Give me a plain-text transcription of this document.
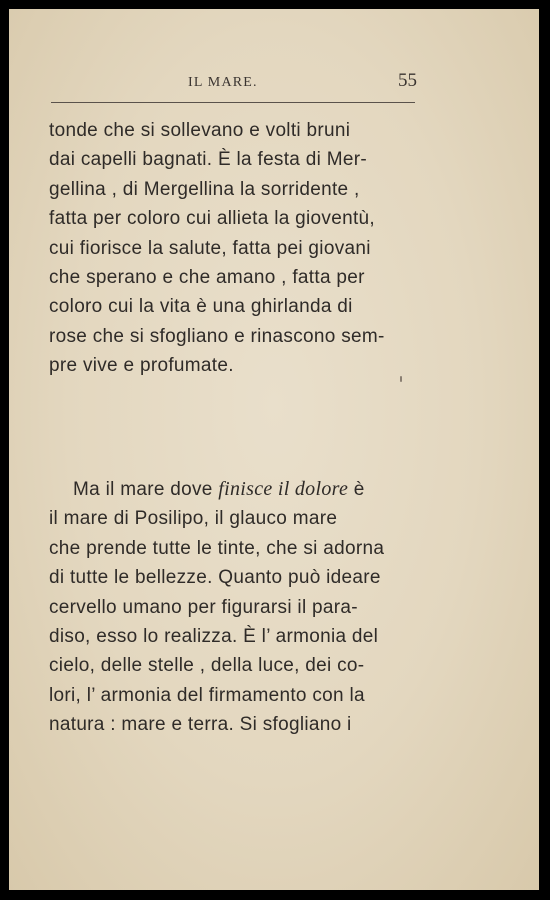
IL MARE.	55
tonde che si sollevano e volti bruni
dai capelli bagnati. È la festa di Mer-
gellina , di Mergellina la sorridente ,
fatta per coloro cui allieta la gioventù,
cui fiorisce la salute, fatta pei giovani
che sperano e che amano , fatta per
coloro cui la vita è una ghirlanda di
rose che si sfogliano e rinascono sem-
pre vive e profumate.
Ma il mare dove finisce il dolore è
il mare di Posilipo, il glauco mare
che prende tutte le tinte, che si adorna
di tutte le bellezze. Quanto può ideare
cervello umano per figurarsi il para-
diso, esso lo realizza. È l’ armonia del
cielo, delle stelle , della luce, dei co-
lori, l’ armonia del firmamento con la
natura : mare e terra. Si sfogliano i
